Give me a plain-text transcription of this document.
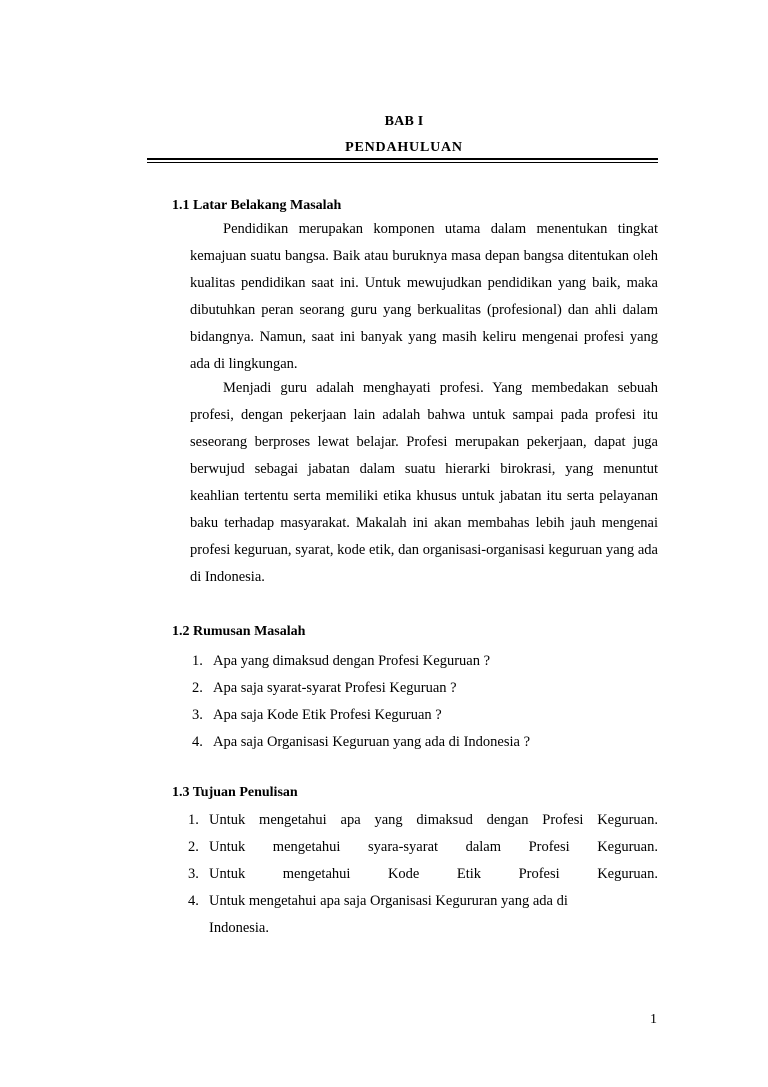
BAB I
PENDAHULUAN
1.1 Latar Belakang Masalah

Pendidikan merupakan komponen utama dalam menentukan tingkat kemajuan suatu bangsa. Baik atau buruknya masa depan bangsa ditentukan oleh kualitas pendidikan saat ini. Untuk mewujudkan pendidikan yang baik, maka dibutuhkan peran seorang guru yang berkualitas (profesional) dan ahli dalam bidangnya. Namun, saat ini banyak yang masih keliru mengenai profesi yang ada di lingkungan.

Menjadi guru adalah menghayati profesi. Yang membedakan sebuah profesi, dengan pekerjaan lain adalah bahwa untuk sampai pada profesi itu seseorang berproses lewat belajar. Profesi merupakan pekerjaan, dapat juga berwujud sebagai jabatan dalam suatu hierarki birokrasi, yang menuntut keahlian tertentu serta memiliki etika khusus untuk jabatan itu serta pelayanan baku terhadap masyarakat. Makalah ini akan membahas lebih jauh mengenai profesi keguruan, syarat, kode etik, dan organisasi-organisasi keguruan yang ada di Indonesia.

1.2 Rumusan Masalah
1. Apa yang dimaksud dengan Profesi Keguruan ?
2. Apa saja syarat-syarat Profesi Keguruan ?
3. Apa saja Kode Etik Profesi Keguruan ?
4. Apa saja Organisasi Keguruan yang ada di Indonesia ?
1.3 Tujuan Penulisan
1. Untuk mengetahui apa yang dimaksud dengan Profesi Keguruan.
2. Untuk mengetahui syara-syarat dalam Profesi Keguruan.
3. Untuk mengetahui Kode Etik Profesi Keguruan.
4. Untuk mengetahui apa saja Organisasi Kegururan yang ada di
Indonesia.
1
